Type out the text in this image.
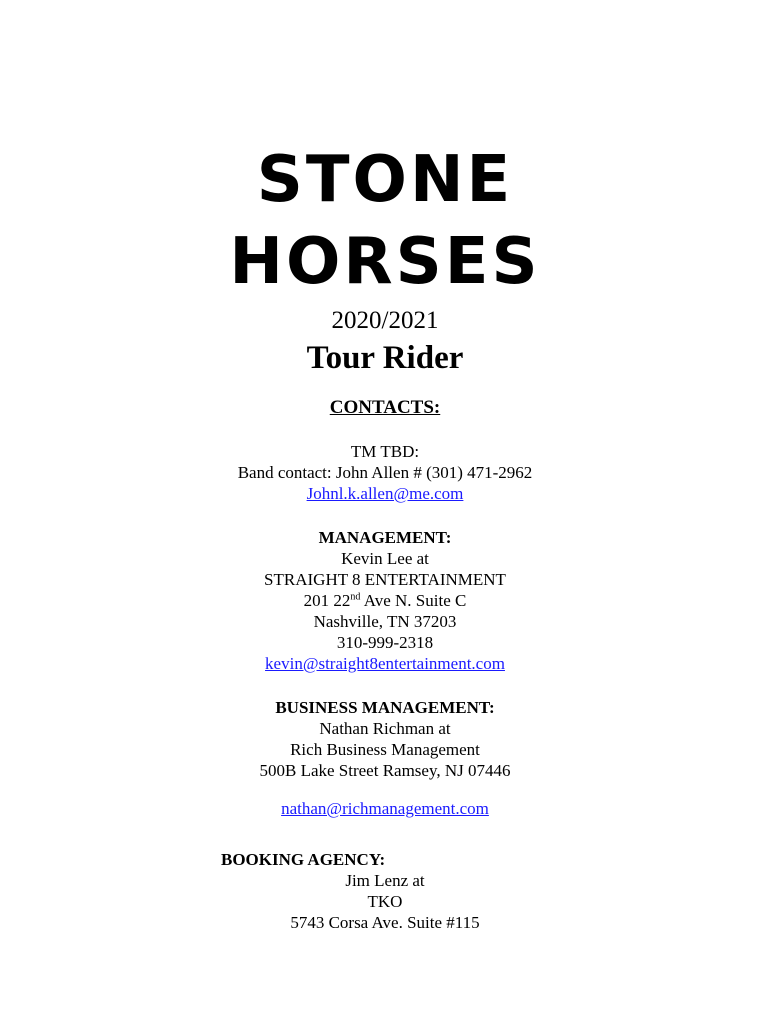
STONE
HORSES
2020/2021
Tour Rider
CONTACTS:
TM TBD:
Band contact: John Allen # (301) 471-2962
Johnl.k.allen@me.com
MANAGEMENT:
Kevin Lee at
STRAIGHT 8 ENTERTAINMENT
201 22nd Ave N. Suite C
Nashville, TN 37203
310-999-2318
kevin@straight8entertainment.com
BUSINESS MANAGEMENT:
Nathan Richman at
Rich Business Management
500B Lake Street Ramsey, NJ 07446
nathan@richmanagement.com
BOOKING AGENCY:
Jim Lenz at
TKO
5743 Corsa Ave. Suite #115
